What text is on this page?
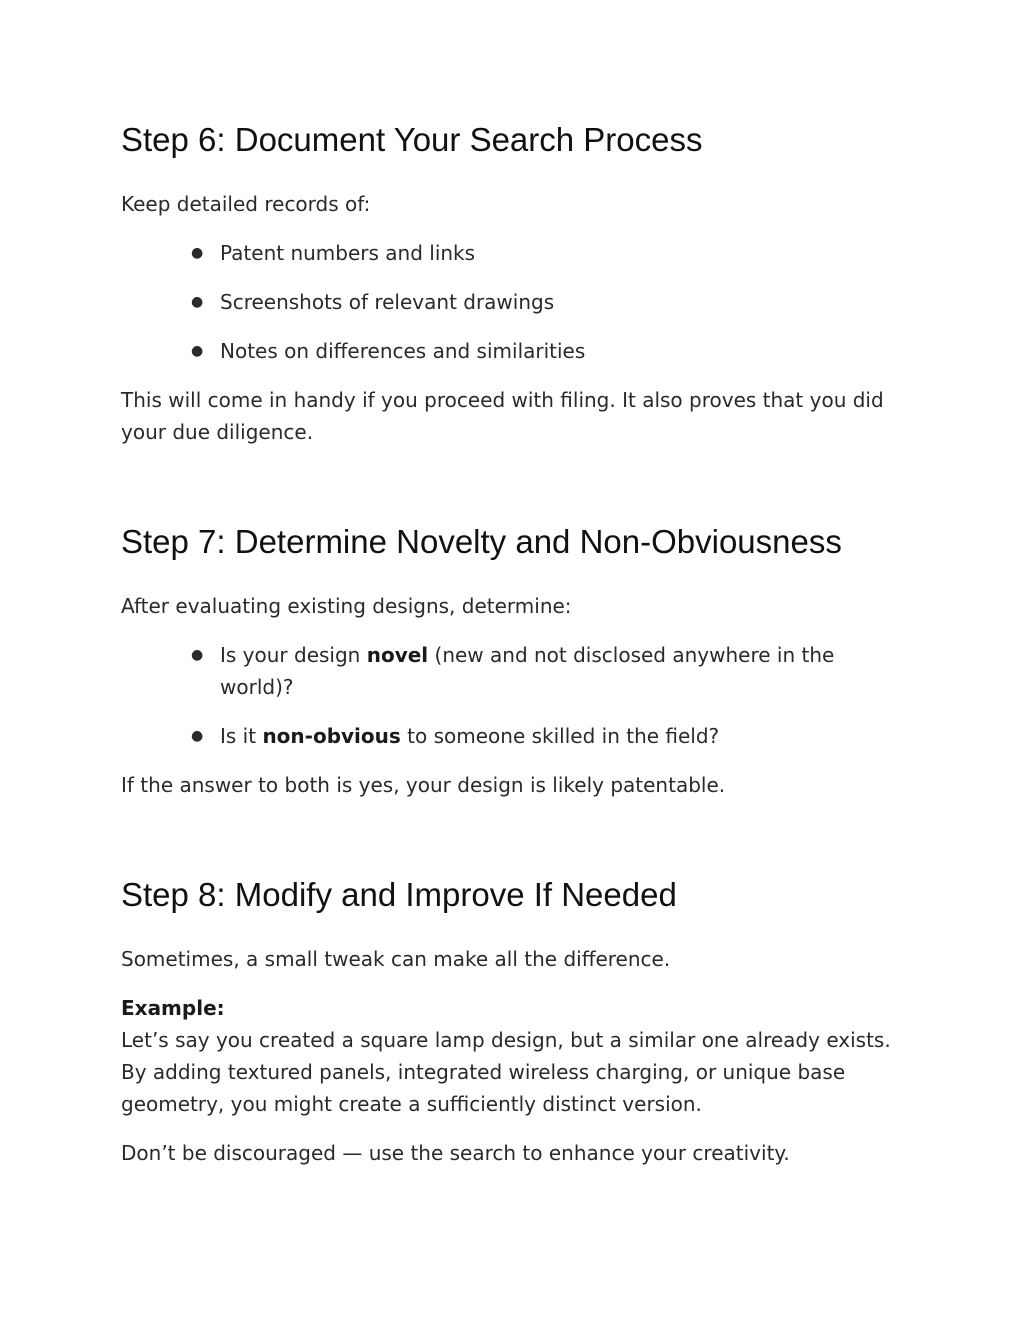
Step 6: Document Your Search Process

Keep detailed records of:

● Patent numbers and links
● Screenshots of relevant drawings
● Notes on differences and similarities

This will come in handy if you proceed with filing. It also proves that you did your due diligence.

Step 7: Determine Novelty and Non-Obviousness

After evaluating existing designs, determine:

● Is your design novel (new and not disclosed anywhere in the world)?
● Is it non-obvious to someone skilled in the field?

If the answer to both is yes, your design is likely patentable.

Step 8: Modify and Improve If Needed

Sometimes, a small tweak can make all the difference.

Example:
Let’s say you created a square lamp design, but a similar one already exists. By adding textured panels, integrated wireless charging, or unique base geometry, you might create a sufficiently distinct version.

Don’t be discouraged — use the search to enhance your creativity.
